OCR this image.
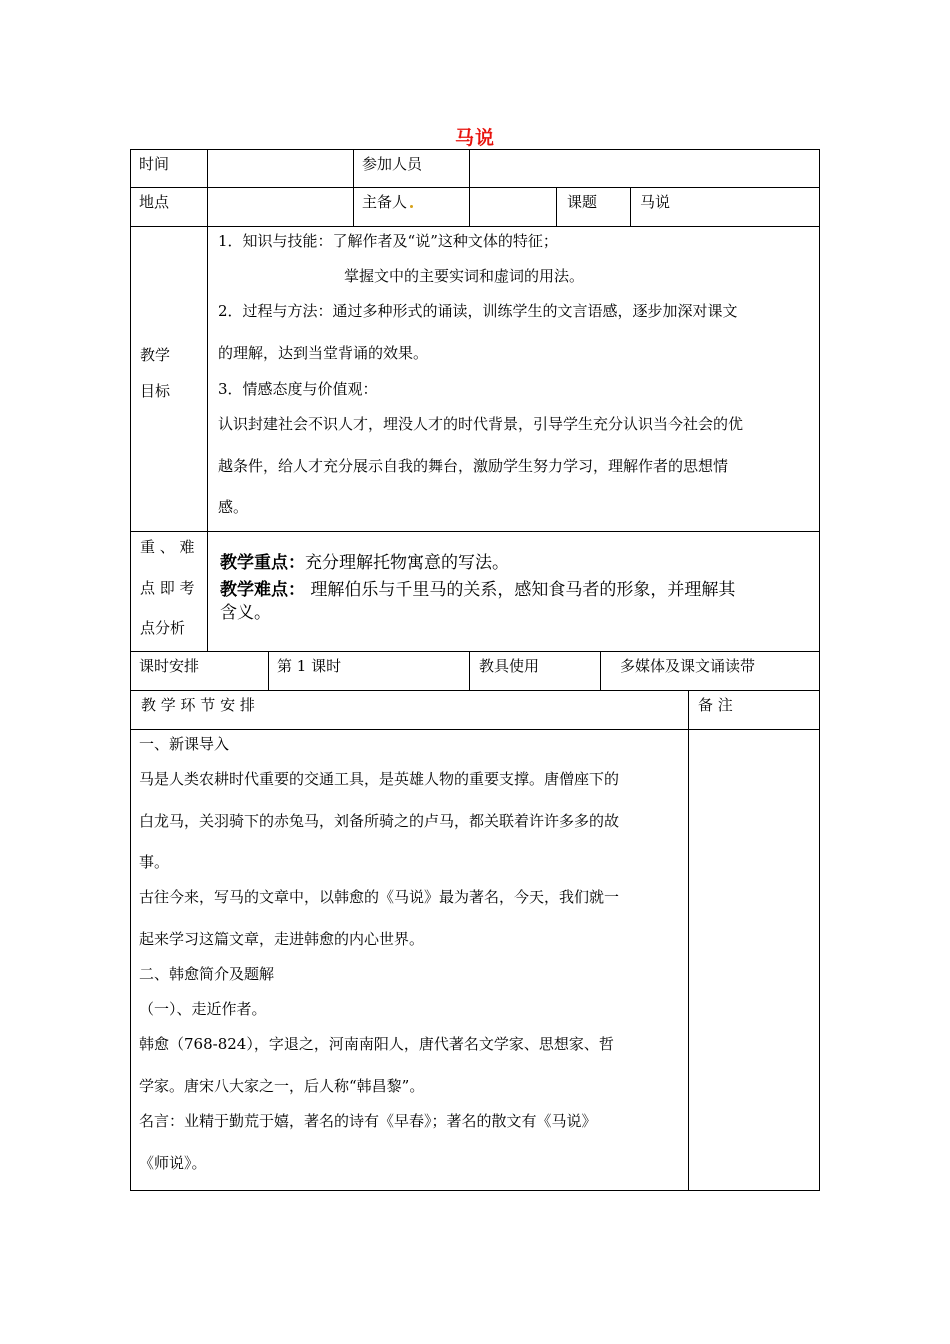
马说
时间	参加人员
地点	主备人	课题	马说
教学
目标
1．知识与技能：了解作者及“说”这种文体的特征；
掌握文中的主要实词和虚词的用法。
2．过程与方法：通过多种形式的诵读，训练学生的文言语感，逐步加深对课文
的理解，达到当堂背诵的效果。
3．情感态度与价值观：
认识封建社会不识人才，埋没人才的时代背景，引导学生充分认识当今社会的优
越条件，给人才充分展示自我的舞台，激励学生努力学习，理解作者的思想情
感。
重 、 难
点 即 考
点分析
教学重点：充分理解托物寓意的写法。
教学难点： 理解伯乐与千里马的关系，感知食马者的形象，并理解其
含义。
课时安排	第 1 课时	教具使用	多媒体及课文诵读带
教 学 环 节 安 排	备 注
一、新课导入
马是人类农耕时代重要的交通工具，是英雄人物的重要支撑。唐僧座下的
白龙马，关羽骑下的赤兔马，刘备所骑之的卢马，都关联着许许多多的故
事。
古往今来，写马的文章中，以韩愈的《马说》最为著名，今天，我们就一
起来学习这篇文章，走进韩愈的内心世界。
二、韩愈简介及题解
（一）、走近作者。
韩愈（768-824），字退之，河南南阳人，唐代著名文学家、思想家、哲
学家。唐宋八大家之一，后人称“韩昌黎”。
名言：业精于勤荒于嬉，著名的诗有《早春》；著名的散文有《马说》
《师说》。
